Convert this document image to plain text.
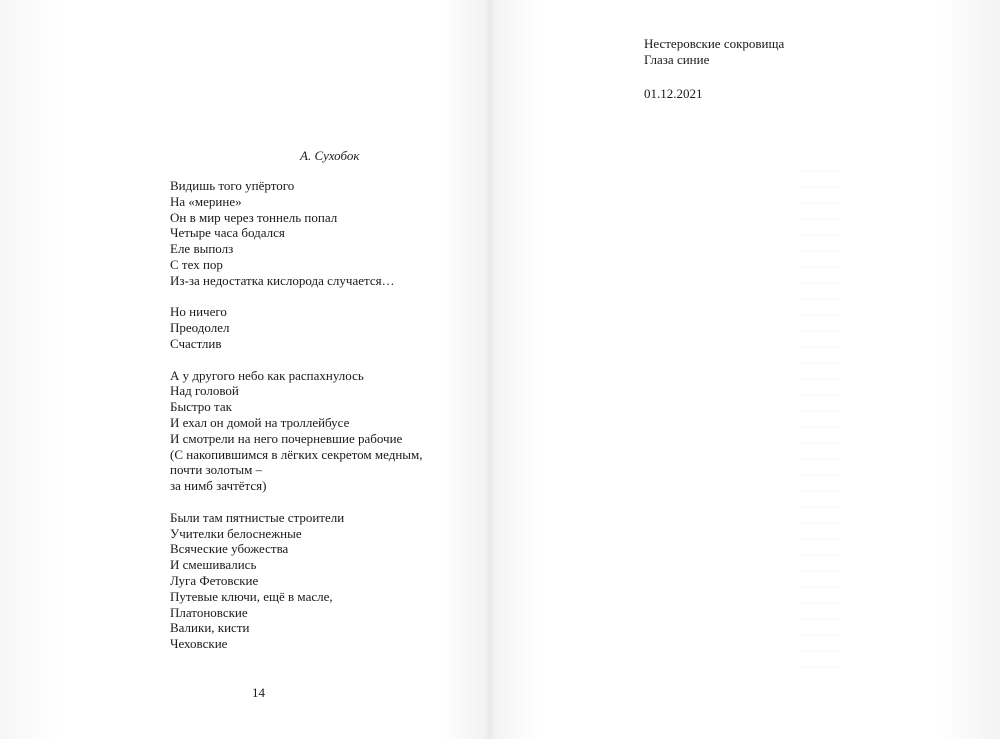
А. Сухобок
Видишь того упёртого
На «мерине»
Он в мир через тоннель попал
Четыре часа бодался
Еле выполз
С тех пор
Из-за недостатка кислорода случается…
Но ничего
Преодолел
Счастлив
А у другого небо как распахнулось
Над головой
Быстро так
И ехал он домой на троллейбусе
И смотрели на него почерневшие рабочие
(С накопившимся в лёгких секретом медным,
почти золотым –
за нимб зачтётся)
Были там пятнистые строители
Учителки белоснежные
Всяческие убожества
И смешивались
Луга Фетовские
Путевые ключи, ещё в масле,
Платоновские
Валики, кисти
Чеховские
14
Нестеровские сокровища
Глаза синие
01.12.2021
